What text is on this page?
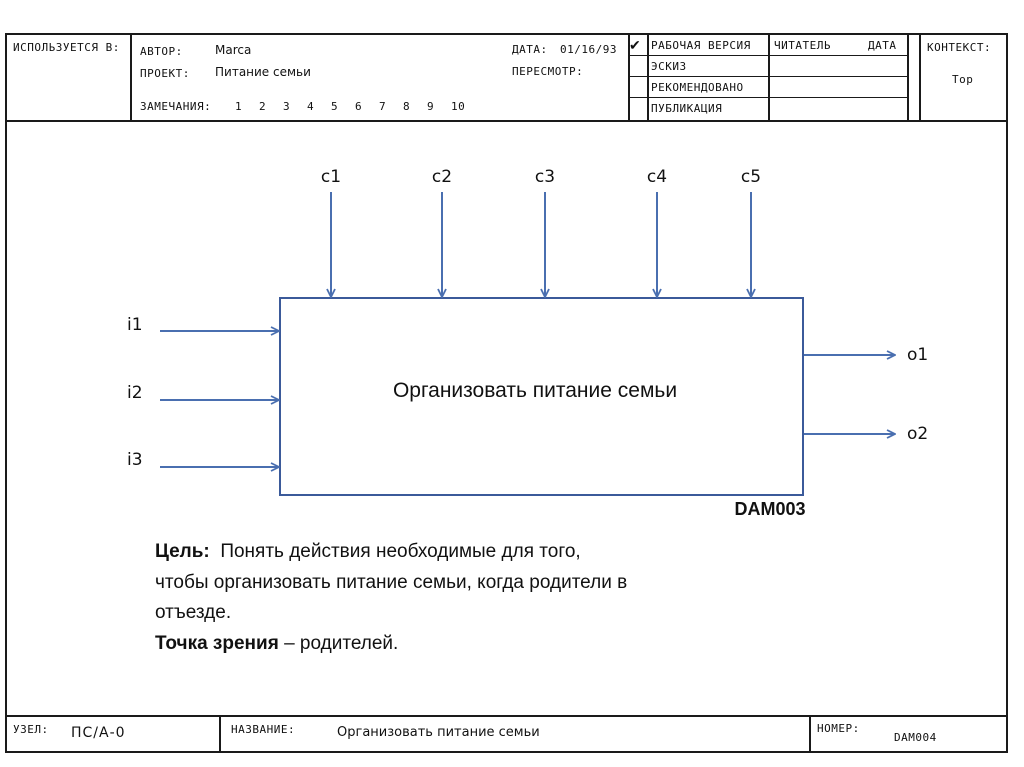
ИСПОЛЬЗУЕТСЯ В: АВТОР:	Marca
ПРОЕКТ: Питание семьи
ЗАМЕЧАНИЯ: 1 2 3 4 5 6 7 8 9 10
ДАТА: 01/16/93
ПЕРЕСМОТР:
✔ РАБОЧАЯ ВЕРСИЯ
ЭСКИЗ
РЕКОМЕНДОВАНО
ПУБЛИКАЦИЯ
ЧИТАТЕЛЬ	ДАТА	КОНТЕКСТ:
Top
УЗЕЛ: ПС/А-0	НАЗВАНИЕ:	Организовать питание семьи	НОМЕР:
DAM004
Организовать питание семьи
DAM003
c1	c2	c3	c4	c5
i1
i2
i3
o1
o2
Цель:  Понять действия необходимые для того,
чтобы организовать питание семьи, когда родители в
отъезде.
Точка зрения – родителей.
